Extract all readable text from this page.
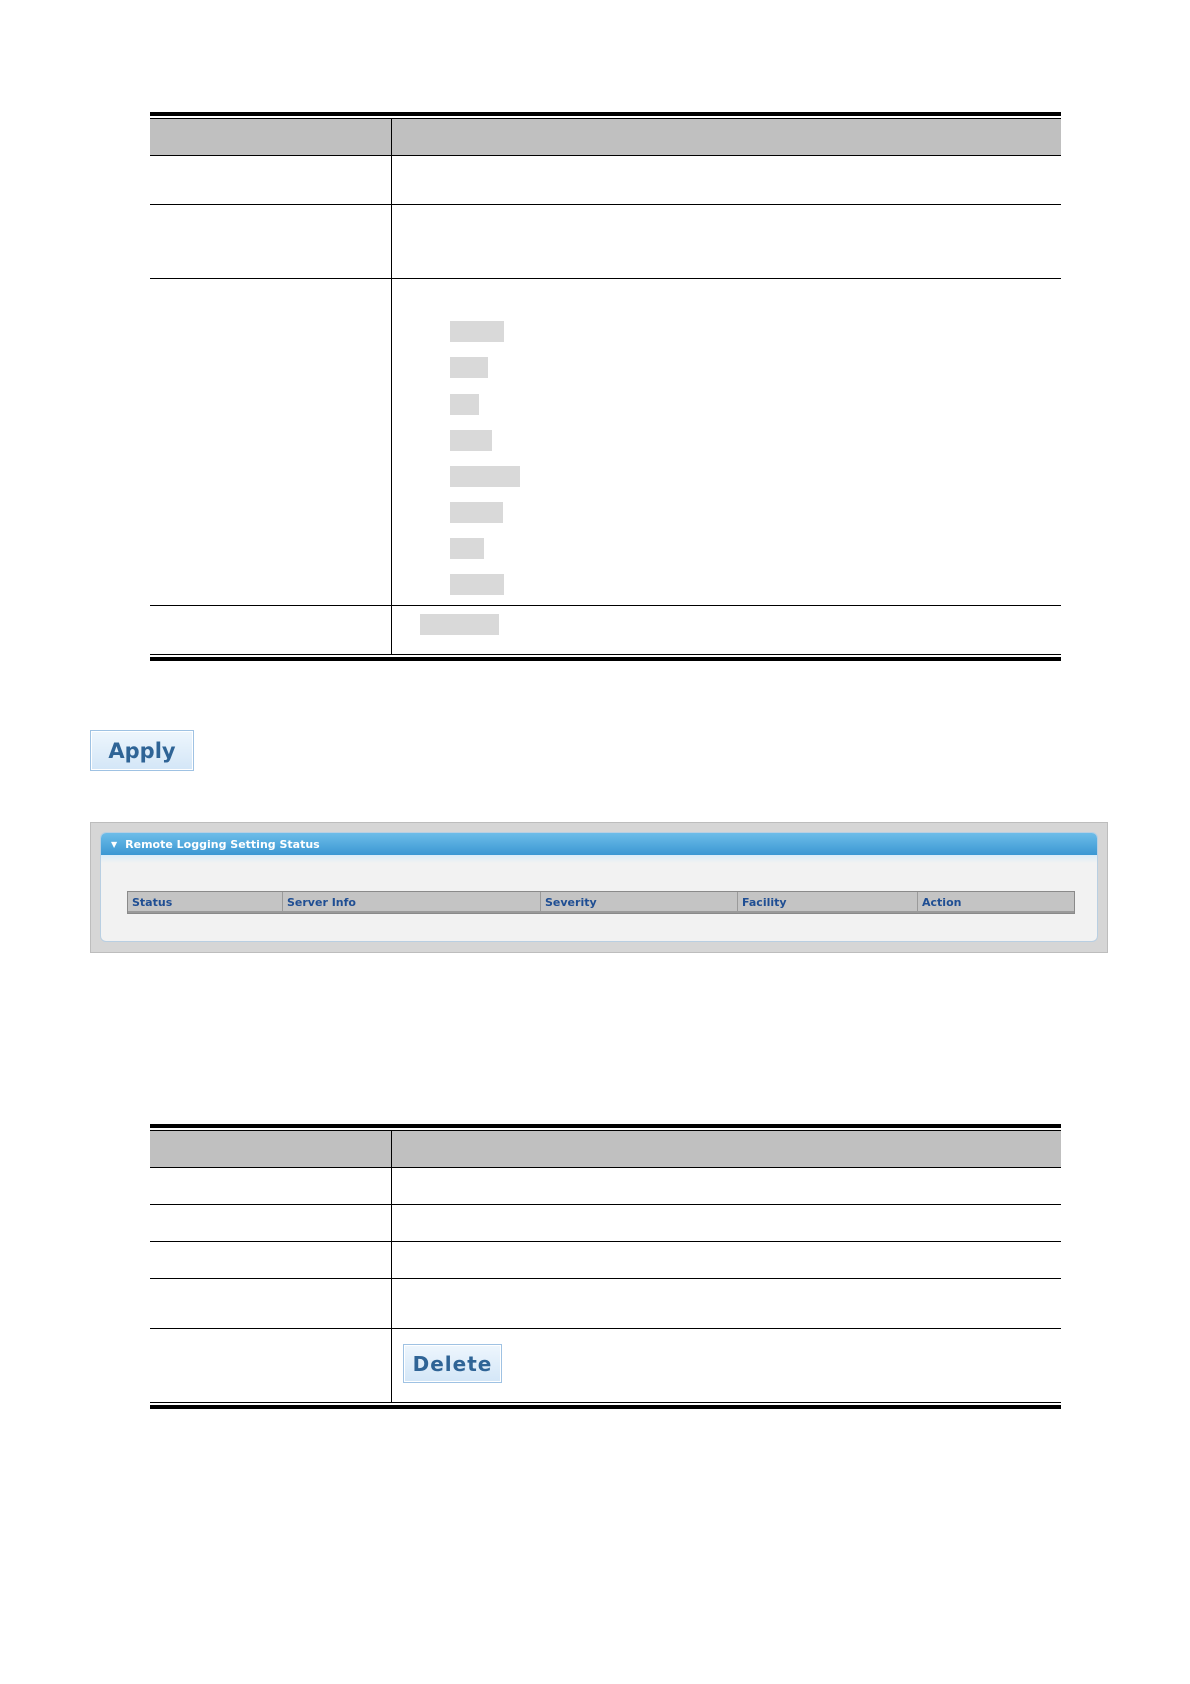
Apply
▼ Remote Logging Setting Status
Status	Server Info	Severity	Facility	Action
Delete
